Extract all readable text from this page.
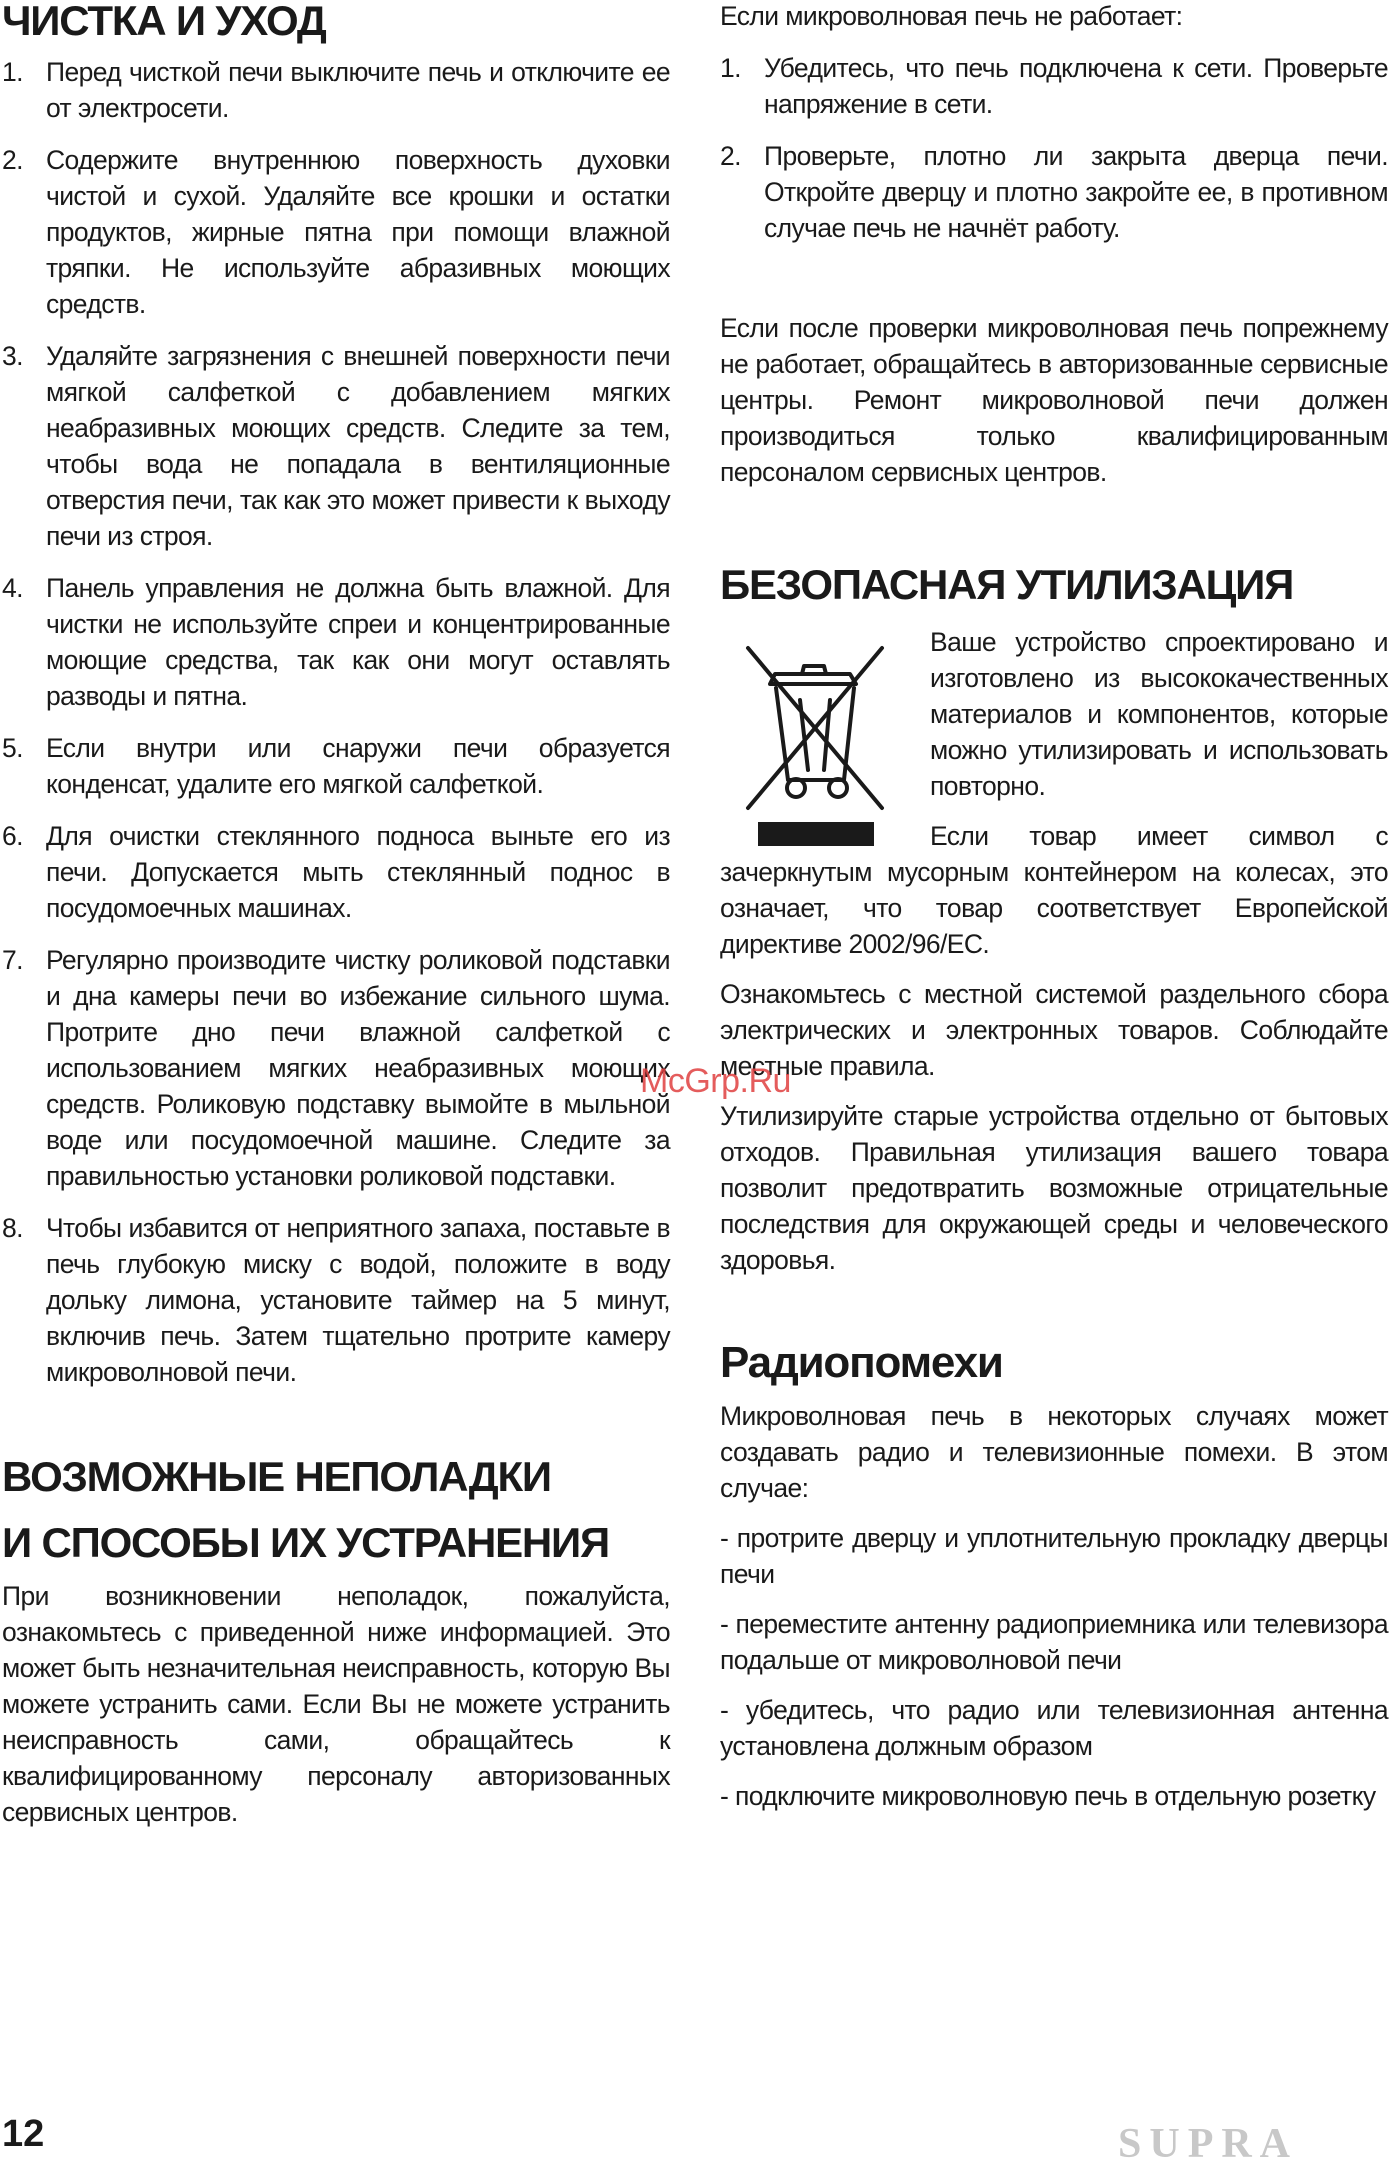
ЧИСТКА И УХОД
1. Перед чисткой печи выключите печь и отключите ее от электросети.
2. Содержите внутреннюю поверхность духовки чистой и сухой. Удаляйте все крошки и остатки продуктов, жирные пятна при помощи влажной тряпки. Не используйте абразивных моющих средств.
3. Удаляйте загрязнения с внешней поверхности печи мягкой салфеткой с добавлением мягких неабразивных моющих средств. Следите за тем, чтобы вода не попадала в вентиляционные отверстия печи, так как это может привести к выходу печи из строя.
4. Панель управления не должна быть влажной. Для чистки не используйте спреи и концентрированные моющие средства, так как они могут оставлять разводы и пятна.
5. Если внутри или снаружи печи образуется конденсат, удалите его мягкой салфеткой.
6. Для очистки стеклянного подноса выньте его из печи. Допускается мыть стеклянный поднос в посудомоечных машинах.
7. Регулярно производите чистку роликовой подставки и дна камеры печи во избежание сильного шума. Протрите дно печи влажной салфеткой с использованием мягких неабразивных моющих средств. Роликовую подставку вымойте в мыльной воде или посудомоечной машине. Следите за правильностью установки роликовой подставки.
8. Чтобы избавится от неприятного запаха, поставьте в печь глубокую миску с водой, положите в воду дольку лимона, установите таймер на 5 минут, включив печь. Затем тщательно протрите камеру микроволновой печи.
ВОЗМОЖНЫЕ НЕПОЛАДКИ
И СПОСОБЫ ИХ УСТРАНЕНИЯ

При возникновении неполадок, пожалуйста, ознакомьтесь с приведенной ниже информацией. Это может быть незначительная неисправность, которую Вы можете устранить сами. Если Вы не можете устранить неисправность сами, обращайтесь к квалифицированному персоналу авторизованных сервисных центров.

Если микроволновая печь не работает:

1. Убедитесь, что печь подключена к сети. Проверьте напряжение в сети.
2. Проверьте, плотно ли закрыта дверца печи. Откройте дверцу и плотно закройте ее, в противном случае печь не начнёт работу.

Если после проверки микроволновая печь попрежнему не работает, обращайтесь в авторизованные сервисные центры. Ремонт микроволновой печи должен производиться только квалифицированным персоналом сервисных центров.

БЕЗОПАСНАЯ УТИЛИЗАЦИЯ

Ваше устройство спроектировано и изготовлено из высококачественных материалов и компонентов, которые можно утилизировать и использовать повторно.

Если товар имеет символ с зачеркнутым мусорным контейнером на колесах, это означает, что товар соответствует Европейской директиве 2002/96/EC.

Ознакомьтесь с местной системой раздельного сбора электрических и электронных товаров. Соблюдайте местные правила.

Утилизируйте старые устройства отдельно от бытовых отходов. Правильная утилизация вашего товара позволит предотвратить возможные отрицательные последствия для окружающей среды и человеческого здоровья.

Радиопомехи

Микроволновая печь в некоторых случаях может создавать радио и телевизионные помехи. В этом случае:

- протрите дверцу и уплотнительную прокладку дверцы печи

- переместите антенну радиоприемника или телевизора подальше от микроволновой печи

- убедитесь, что радио или телевизионная антенна установлена должным образом

- подключите микроволновую печь в отдельную розетку

McGrp.Ru
12	SUPRA
